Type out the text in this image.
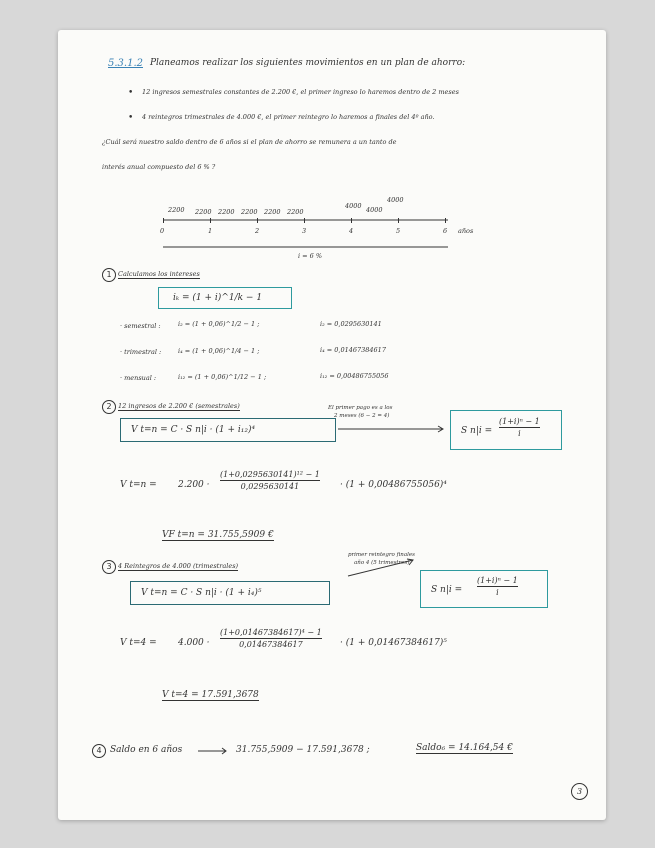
5.3.1.2 Planeamos realizar los siguientes movimientos en un plan de ahorro:
• 12 ingresos semestrales constantes de 2.200 €, el primer ingreso lo haremos dentro de 2 meses
• 4 reintegros trimestrales de 4.000 €, el primer reintegro lo haremos a finales del 4º año.
¿Cuál será nuestro saldo dentro de 6 años si el plan de ahorro se remunera a un tanto de
interés anual compuesto del 6 % ?
2200 2200 2200 2200 2200 2200
4000 4000
4000
0	1	2	3	4	5	6 años
i = 6 %
1 Calculamos los intereses
iₖ = (1 + i)^1/k − 1
· semestral :	i₂ = (1 + 0,06)^1/2 − 1 ;	i₂ = 0,0295630141
· trimestral :	i₄ = (1 + 0,06)^1/4 − 1 ;	i₄ = 0,01467384617
· mensual :	i₁₂ = (1 + 0,06)^1/12 − 1 ;	i₁₂ = 0,00486755056
2 12 ingresos de 2.200 € (semestrales)
V t=n = C · S n|i · (1 + i₁₂)⁴
El primer pago es a los
2 meses (6 − 2 = 4)
S n|i =
(1+i)ⁿ − 1
i
V t=n = 2.200 ·
(1+0,0295630141)¹² − 1
0,0295630141	· (1 + 0,00486755056)⁴
VF t=n = 31.755,5909 €
3 4 Reintegros de 4.000 (trimestrales)
V t=n = C · S n|i · (1 + i₄)⁵
primer reintegro finales
año 4 (5 trimestres)
S n|i =
(1+i)ⁿ − 1
i
V t=4 = 4.000 ·
(1+0,01467384617)⁴ − 1
0,01467384617	· (1 + 0,01467384617)⁵
V t=4 = 17.591,3678
4 Saldo en 6 años	31.755,5909 − 17.591,3678 ;	Saldo₆ = 14.164,54 €
3
